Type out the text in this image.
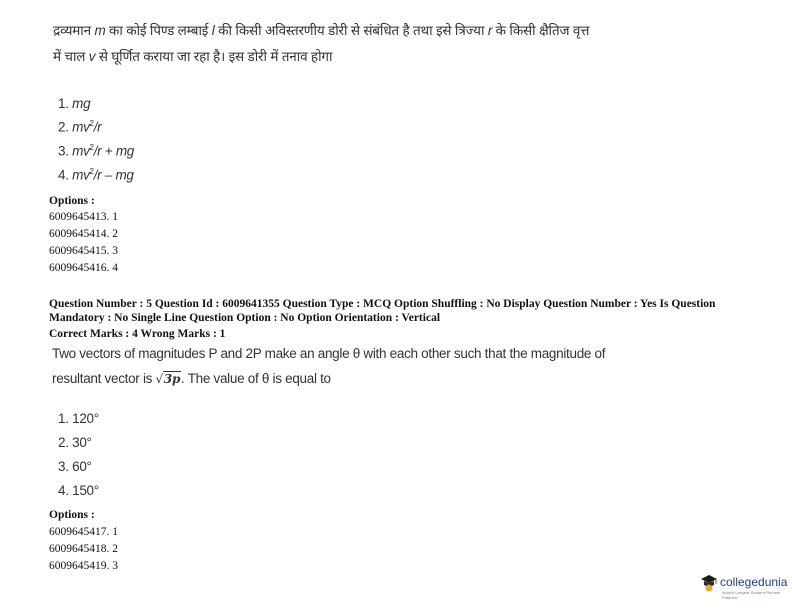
द्रव्यमान m का कोई पिण्ड लम्बाई l की किसी अविस्तरणीय डोरी से संबंधित है तथा इसे त्रिज्या r के किसी क्षैतिज वृत्त
में चाल v से घूर्णित कराया जा रहा है। इस डोरी में तनाव होगा
1. mg
2. $mv^2/r$
3. $mv^2/r$ + mg
4. $mv^2/r$ – mg
Options :
6009645413. 1
6009645414. 2
6009645415. 3
6009645416. 4
Question Number : 5 Question Id : 6009641355 Question Type : MCQ Option Shuffling : No Display Question Number : Yes Is Question
Mandatory : No Single Line Question Option : No Option Orientation : Vertical
Correct Marks : 4 Wrong Marks : 1
Two vectors of magnitudes P and 2P make an angle θ with each other such that the magnitude of
resultant vector is √3p. The value of θ is equal to
1. 120°
2. 30°
3. 60°
4. 150°
Options :
6009645417. 1
6009645418. 2
6009645419. 3
collegedunia
India's Largest Student Review Platform
